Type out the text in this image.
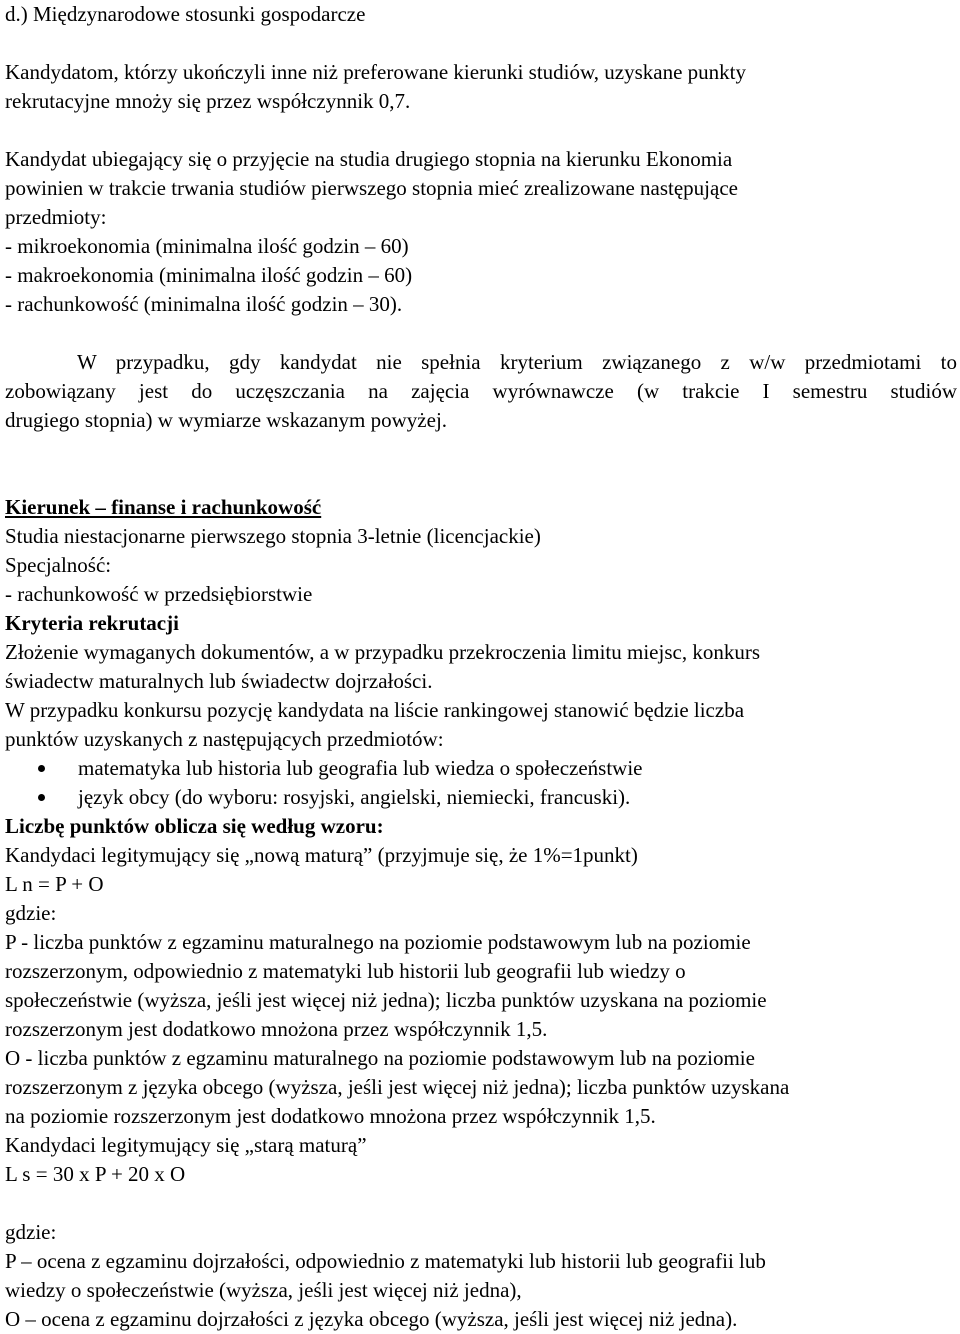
d.) Międzynarodowe stosunki gospodarcze
Kandydatom, którzy ukończyli inne niż preferowane kierunki studiów, uzyskane punkty
rekrutacyjne mnoży się przez współczynnik 0,7.
Kandydat ubiegający się o przyjęcie na studia drugiego stopnia na kierunku Ekonomia
powinien w trakcie trwania studiów pierwszego stopnia mieć zrealizowane następujące
przedmioty:
- mikroekonomia (minimalna ilość godzin – 60)
- makroekonomia (minimalna ilość godzin – 60)
- rachunkowość (minimalna ilość godzin – 30).
W przypadku, gdy kandydat nie spełnia kryterium związanego z w/w przedmiotami to
zobowiązany jest do uczęszczania na zajęcia wyrównawcze (w trakcie I semestru studiów
drugiego stopnia) w wymiarze wskazanym powyżej.
Kierunek – finanse i rachunkowość
Studia niestacjonarne pierwszego stopnia 3-letnie (licencjackie)
Specjalność:
- rachunkowość w przedsiębiorstwie
Kryteria rekrutacji
Złożenie wymaganych dokumentów, a w przypadku przekroczenia limitu miejsc, konkurs
świadectw maturalnych lub świadectw dojrzałości.
W przypadku konkursu pozycję kandydata na liście rankingowej stanowić będzie liczba
punktów uzyskanych z następujących przedmiotów:
matematyka lub historia lub geografia lub wiedza o społeczeństwie
język obcy (do wyboru: rosyjski, angielski, niemiecki, francuski).
Liczbę punktów oblicza się według wzoru:
Kandydaci legitymujący się „nową maturą” (przyjmuje się, że 1%=1punkt)
L n = P + O
gdzie:
P - liczba punktów z egzaminu maturalnego na poziomie podstawowym lub na poziomie
rozszerzonym, odpowiednio z matematyki lub historii lub geografii lub wiedzy o
społeczeństwie (wyższa, jeśli jest więcej niż jedna); liczba punktów uzyskana na poziomie
rozszerzonym jest dodatkowo mnożona przez współczynnik 1,5.
O - liczba punktów z egzaminu maturalnego na poziomie podstawowym lub na poziomie
rozszerzonym z języka obcego (wyższa, jeśli jest więcej niż jedna); liczba punktów uzyskana
na poziomie rozszerzonym jest dodatkowo mnożona przez współczynnik 1,5.
Kandydaci legitymujący się „starą maturą”
L s = 30 x P + 20 x O
gdzie:
P – ocena z egzaminu dojrzałości, odpowiednio z matematyki lub historii lub geografii lub
wiedzy o społeczeństwie (wyższa, jeśli jest więcej niż jedna),
O – ocena z egzaminu dojrzałości z języka obcego (wyższa, jeśli jest więcej niż jedna).
